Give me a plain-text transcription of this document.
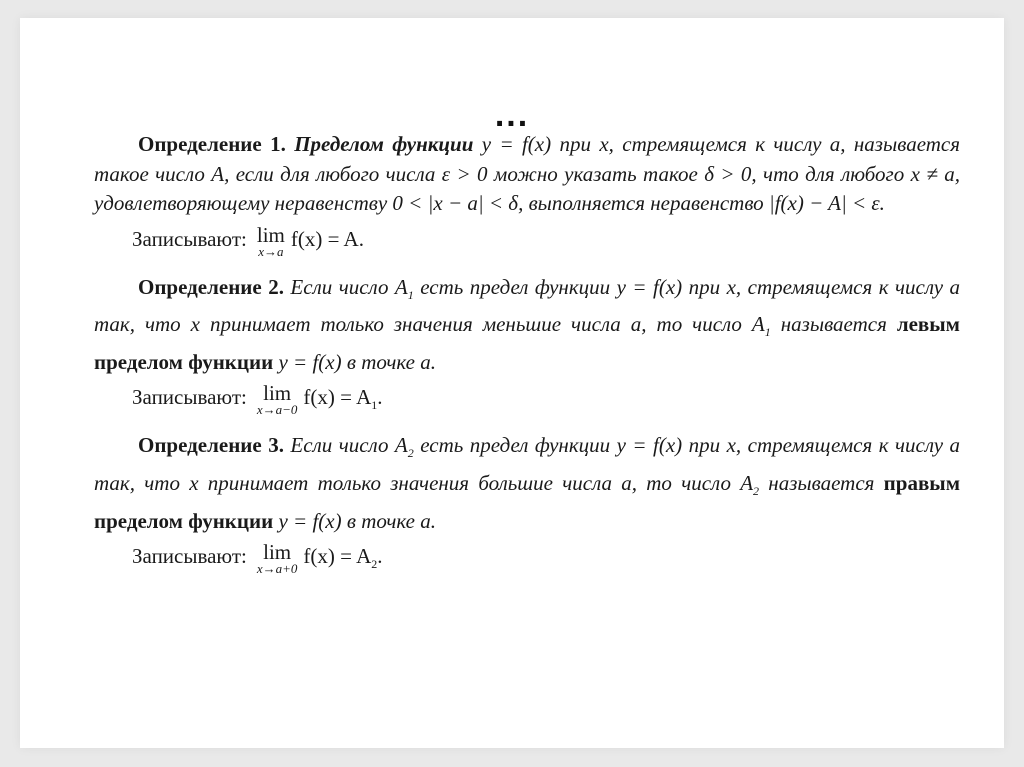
...

Определение 1. Пределом функции y = f(x) при x, стремящемся к числу a, называется такое число A, если для любого числа ε > 0 можно указать такое δ > 0, что для любого x ≠ a, удовлетворяющему неравенству 0 < |x − a| < δ, выполняется неравенство |f(x) − A| < ε.

Записывают: lim
x→a
f(x) = A.

Определение 2. Если число $A_1$ есть предел функции y = f(x) при x, стремящемся к числу a так, что x принимает только значения меньшие числа a, то число $A_1$ называется левым пределом функции y = f(x) в точке a.

Записывают: lim
x→a−0
$f(x) = A_1$.

Определение 3. Если число $A_2$ есть предел функции y = f(x) при x, стремящемся к числу a так, что x принимает только значения большие числа a, то число $A_2$ называется правым пределом функции y = f(x) в точке a.

Записывают: lim
x→a+0
$f(x) = A_2$.
